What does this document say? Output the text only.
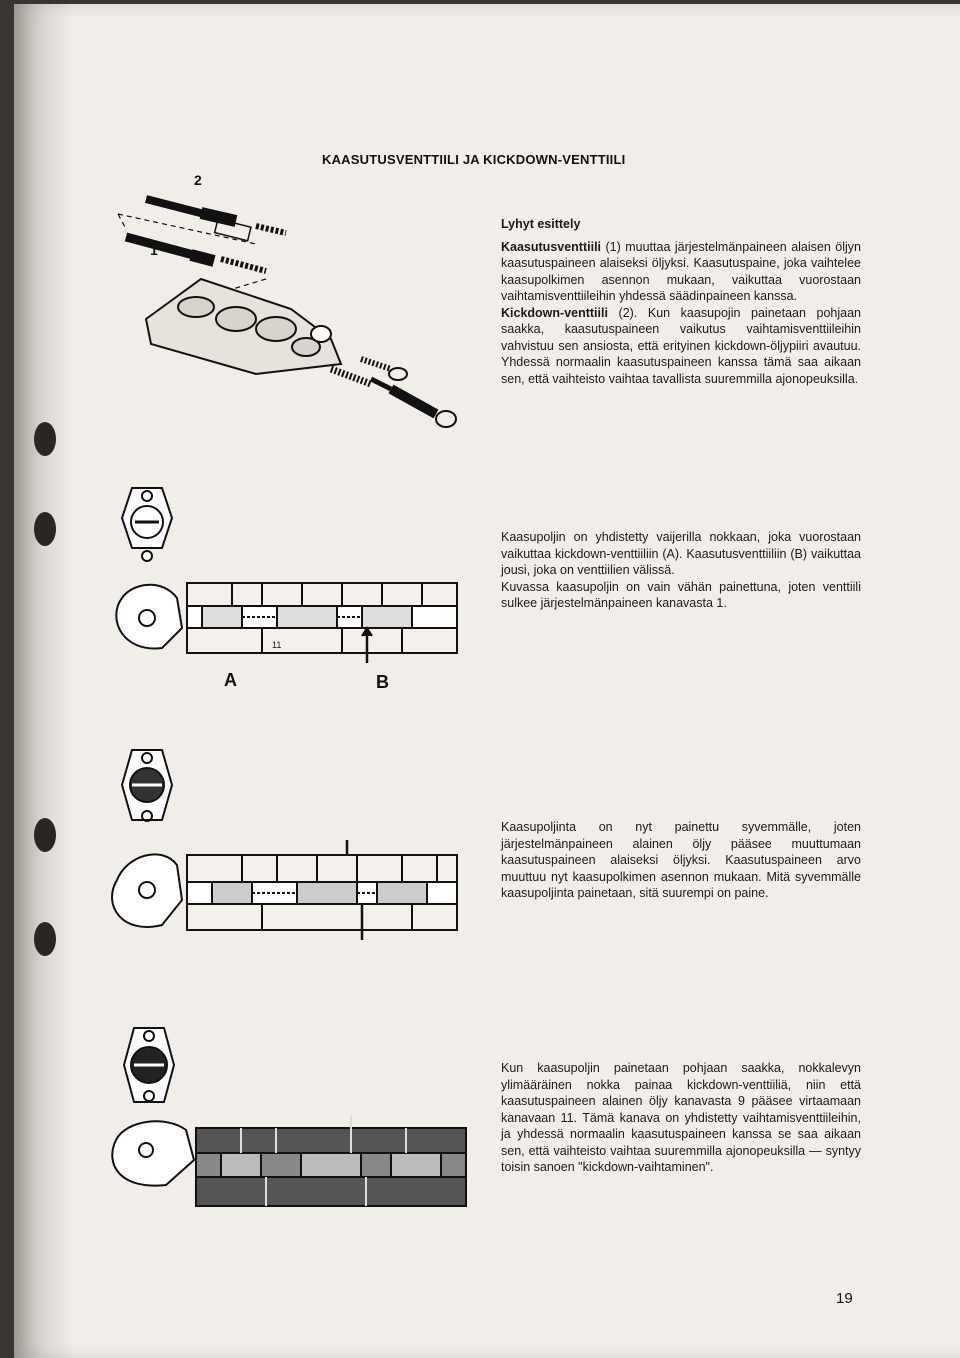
KAASUTUSVENTTIILI JA KICKDOWN-VENTTIILI
2
1

Lyhyt esittely

Kaasutusventtiili (1) muuttaa järjestelmänpaineen alaisen öljyn kaasutuspaineen alaiseksi öljyksi. Kaasutuspaine, joka vaihtelee kaasupolkimen asennon mukaan, vaikuttaa vuorostaan vaihtamisventtiileihin yhdessä säädinpaineen kanssa.

Kickdown-venttiili (2). Kun kaasupojin painetaan pohjaan saakka, kaasutuspaineen vaikutus vaihtamisventtiileihin vahvistuu sen ansiosta, että erityinen kickdown-öljypiiri avautuu. Yhdessä normaalin kaasutuspaineen kanssa tämä saa aikaan sen, että vaihteisto vaihtaa tavallista suuremmilla ajonopeuksilla.

11
A	B

Kaasupoljin on yhdistetty vaijerilla nokkaan, joka vuorostaan vaikuttaa kickdown-venttiiliin (A). Kaasutusventtiiliin (B) vaikuttaa jousi, joka on venttiilien välissä.

Kuvassa kaasupoljin on vain vähän painettuna, joten venttiili sulkee järjestelmänpaineen kanavasta 1.

Kaasupoljinta on nyt painettu syvemmälle, joten järjestelmänpaineen alainen öljy pääsee muuttumaan kaasutuspaineen alaiseksi öljyksi. Kaasutuspaineen arvo muuttuu nyt kaasupolkimen asennon mukaan. Mitä syvemmälle kaasupoljinta painetaan, sitä suurempi on paine.

Kun kaasupoljin painetaan pohjaan saakka, nokkalevyn ylimääräinen nokka painaa kickdown-venttiiliä, niin että kaasutuspaineen alainen öljy kanavasta 9 pääsee virtaamaan kanavaan 11. Tämä kanava on yhdistetty vaihtamisventtiileihin, ja yhdessä normaalin kaasutuspaineen kanssa se saa aikaan sen, että vaihteisto vaihtaa suuremmilla ajonopeuksilla — syntyy toisin sanoen "kickdown-vaihtaminen".

19
